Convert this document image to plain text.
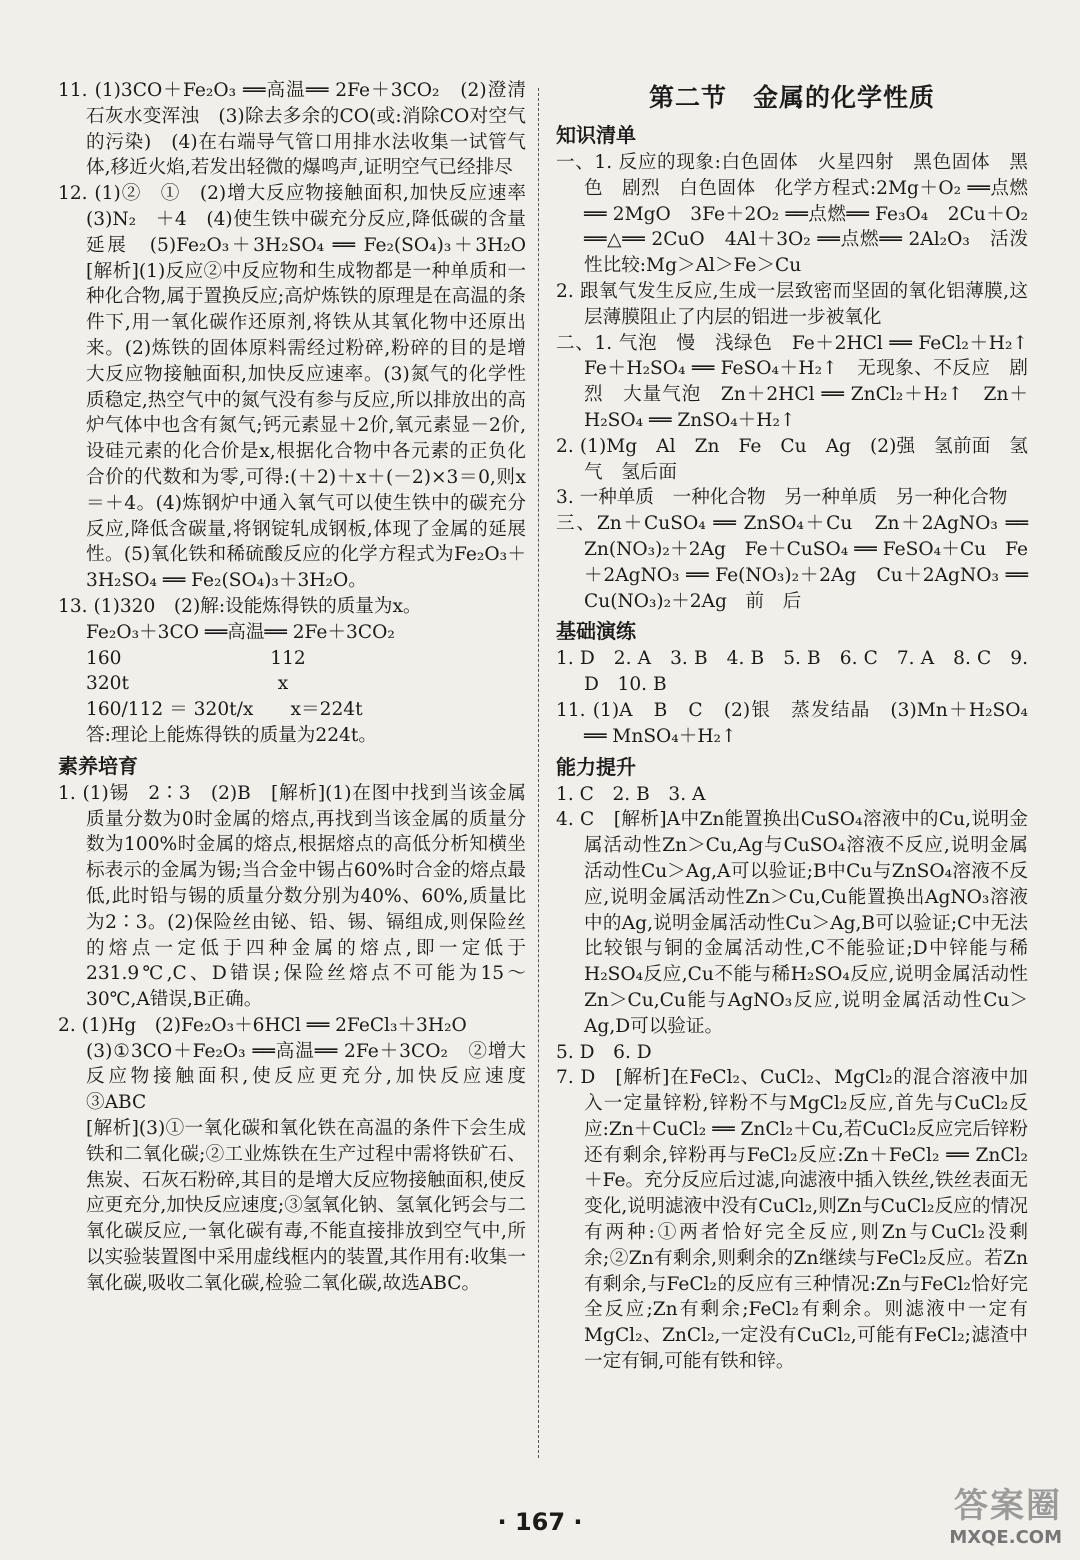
11. (1)3CO＋Fe₂O₃ ══高温══ 2Fe＋3CO₂　(2)澄清石灰水变浑浊　(3)除去多余的CO(或:消除CO对空气的污染)　(4)在右端导气管口用排水法收集一试管气体,移近火焰,若发出轻微的爆鸣声,证明空气已经排尽
12. (1)②　①　(2)增大反应物接触面积,加快反应速率　(3)N₂　＋4　(4)使生铁中碳充分反应,降低碳的含量　延展　(5)Fe₂O₃＋3H₂SO₄ ══ Fe₂(SO₄)₃＋3H₂O　[解析](1)反应②中反应物和生成物都是一种单质和一种化合物,属于置换反应;高炉炼铁的原理是在高温的条件下,用一氧化碳作还原剂,将铁从其氧化物中还原出来。(2)炼铁的固体原料需经过粉碎,粉碎的目的是增大反应物接触面积,加快反应速率。(3)氮气的化学性质稳定,热空气中的氮气没有参与反应,所以排放出的高炉气体中也含有氮气;钙元素显＋2价,氧元素显－2价,设硅元素的化合价是x,根据化合物中各元素的正负化合价的代数和为零,可得:(＋2)＋x＋(－2)×3＝0,则x＝＋4。(4)炼钢炉中通入氧气可以使生铁中的碳充分反应,降低含碳量,将钢锭轧成钢板,体现了金属的延展性。(5)氧化铁和稀硫酸反应的化学方程式为Fe₂O₃＋3H₂SO₄ ══ Fe₂(SO₄)₃＋3H₂O。
13. (1)320　(2)解:设能炼得铁的质量为x。
Fe₂O₃＋3CO ══高温══ 2Fe＋3CO₂
160　　　　　　　　112
320t　　　　　　　　x
160/112 ＝ 320t/x　　x＝224t
答:理论上能炼得铁的质量为224t。
素养培育
1. (1)锡　2∶3　(2)B　[解析](1)在图中找到当该金属质量分数为0时金属的熔点,再找到当该金属的质量分数为100%时金属的熔点,根据熔点的高低分析知横坐标表示的金属为锡;当合金中锡占60%时合金的熔点最低,此时铅与锡的质量分数分别为40%、60%,质量比为2∶3。(2)保险丝由铋、铅、锡、镉组成,则保险丝的熔点一定低于四种金属的熔点,即一定低于231.9℃,C、D错误;保险丝熔点不可能为15～30℃,A错误,B正确。
2. (1)Hg　(2)Fe₂O₃＋6HCl ══ 2FeCl₃＋3H₂O
(3)①3CO＋Fe₂O₃ ══高温══ 2Fe＋3CO₂　②增大反应物接触面积,使反应更充分,加快反应速度　③ABC
[解析](3)①一氧化碳和氧化铁在高温的条件下会生成铁和二氧化碳;②工业炼铁在生产过程中需将铁矿石、焦炭、石灰石粉碎,其目的是增大反应物接触面积,使反应更充分,加快反应速度;③氢氧化钠、氢氧化钙会与二氧化碳反应,一氧化碳有毒,不能直接排放到空气中,所以实验装置图中采用虚线框内的装置,其作用有:收集一氧化碳,吸收二氧化碳,检验二氧化碳,故选ABC。
第二节　金属的化学性质
知识清单
一、1. 反应的现象:白色固体　火星四射　黑色固体　黑色　剧烈　白色固体　化学方程式:2Mg＋O₂ ══点燃══ 2MgO　3Fe＋2O₂ ══点燃══ Fe₃O₄　2Cu＋O₂ ══△══ 2CuO　4Al＋3O₂ ══点燃══ 2Al₂O₃　活泼性比较:Mg＞Al＞Fe＞Cu
2. 跟氧气发生反应,生成一层致密而坚固的氧化铝薄膜,这层薄膜阻止了内层的铝进一步被氧化
二、1. 气泡　慢　浅绿色　Fe＋2HCl ══ FeCl₂＋H₂↑　Fe＋H₂SO₄ ══ FeSO₄＋H₂↑　无现象、不反应　剧烈　大量气泡　Zn＋2HCl ══ ZnCl₂＋H₂↑　Zn＋H₂SO₄ ══ ZnSO₄＋H₂↑
2. (1)Mg　Al　Zn　Fe　Cu　Ag　(2)强　氢前面　氢气　氢后面
3. 一种单质　一种化合物　另一种单质　另一种化合物
三、Zn＋CuSO₄ ══ ZnSO₄＋Cu　Zn＋2AgNO₃ ══ Zn(NO₃)₂＋2Ag　Fe＋CuSO₄ ══ FeSO₄＋Cu　Fe＋2AgNO₃ ══ Fe(NO₃)₂＋2Ag　Cu＋2AgNO₃ ══ Cu(NO₃)₂＋2Ag　前　后
基础演练
1. D　2. A　3. B　4. B　5. B　6. C　7. A　8. C　9. D　10. B
11. (1)A　B　C　(2)银　蒸发结晶　(3)Mn＋H₂SO₄ ══ MnSO₄＋H₂↑
能力提升
1. C　2. B　3. A
4. C　[解析]A中Zn能置换出CuSO₄溶液中的Cu,说明金属活动性Zn＞Cu,Ag与CuSO₄溶液不反应,说明金属活动性Cu＞Ag,A可以验证;B中Cu与ZnSO₄溶液不反应,说明金属活动性Zn＞Cu,Cu能置换出AgNO₃溶液中的Ag,说明金属活动性Cu＞Ag,B可以验证;C中无法比较银与铜的金属活动性,C不能验证;D中锌能与稀H₂SO₄反应,Cu不能与稀H₂SO₄反应,说明金属活动性Zn＞Cu,Cu能与AgNO₃反应,说明金属活动性Cu＞Ag,D可以验证。
5. D　6. D
7. D　[解析]在FeCl₂、CuCl₂、MgCl₂的混合溶液中加入一定量锌粉,锌粉不与MgCl₂反应,首先与CuCl₂反应:Zn＋CuCl₂ ══ ZnCl₂＋Cu,若CuCl₂反应完后锌粉还有剩余,锌粉再与FeCl₂反应:Zn＋FeCl₂ ══ ZnCl₂＋Fe。充分反应后过滤,向滤液中插入铁丝,铁丝表面无变化,说明滤液中没有CuCl₂,则Zn与CuCl₂反应的情况有两种:①两者恰好完全反应,则Zn与CuCl₂没剩余;②Zn有剩余,则剩余的Zn继续与FeCl₂反应。若Zn有剩余,与FeCl₂的反应有三种情况:Zn与FeCl₂恰好完全反应;Zn有剩余;FeCl₂有剩余。则滤液中一定有MgCl₂、ZnCl₂,一定没有CuCl₂,可能有FeCl₂;滤渣中一定有铜,可能有铁和锌。
· 167 ·	答案圈
MXQE.COM
